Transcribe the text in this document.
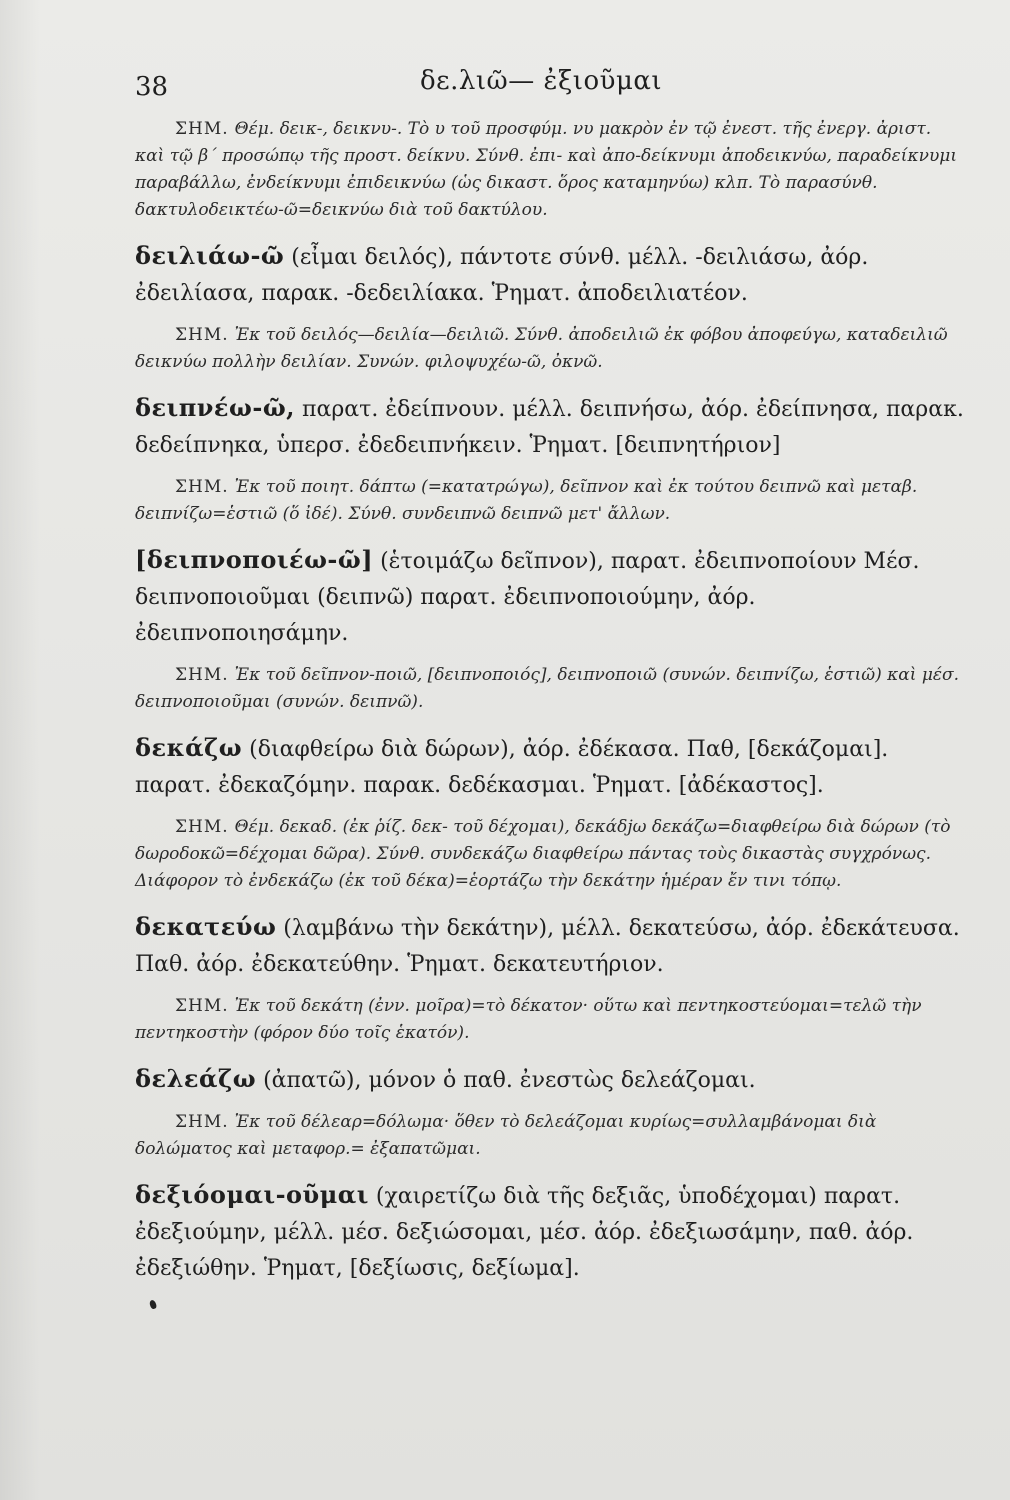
38	δε.λιῶ— ἐξιοῦμαι

ΣΗΜ. Θέμ. δεικ-, δεικνυ-. Τὸ υ τοῦ προσφύμ. νυ μακρὸν ἐν τῷ ἐνεστ. τῆς ἐνεργ. ἀριστ. καὶ τῷ β΄ προσώπῳ τῆς προστ. δείκνυ. Σύνθ. ἐπι- καὶ ἀπο-δείκνυμι ἀποδεικνύω, παραδείκνυμι παραβάλλω, ἐνδείκνυμι ἐπιδεικνύω (ὡς δικαστ. ὅρος καταμηνύω) κλπ. Τὸ παρασύνθ. δακτυλοδεικτέω-ῶ=δεικνύω διὰ τοῦ δακτύλου.

δειλιάω-ῶ (εἶμαι δειλός), πάντοτε σύνθ. μέλλ. -δειλιάσω, ἀόρ. ἐδειλίασα, παρακ. -δεδειλίακα. Ῥηματ. ἀποδειλιατέον.

ΣΗΜ. Ἐκ τοῦ δειλός—δειλία—δειλιῶ. Σύνθ. ἀποδειλιῶ ἐκ φόβου ἀποφεύγω, καταδειλιῶ δεικνύω πολλὴν δειλίαν. Συνών. φιλοψυχέω-ῶ, ὀκνῶ.

δειπνέω-ῶ, παρατ. ἐδείπνουν. μέλλ. δειπνήσω, ἀόρ. ἐδείπνησα, παρακ. δεδείπνηκα, ὑπερσ. ἐδεδειπνήκειν. Ῥηματ. [δειπνητήριον]

ΣΗΜ. Ἐκ τοῦ ποιητ. δάπτω (=κατατρώγω), δεῖπνον καὶ ἐκ τούτου δειπνῶ καὶ μεταβ. δειπνίζω=ἑστιῶ (ὅ ἰδέ). Σύνθ. συνδειπνῶ δειπνῶ μετ' ἄλλων.

[δειπνοποιέω-ῶ] (ἑτοιμάζω δεῖπνον), παρατ. ἐδειπνοποίουν Μέσ. δειπνοποιοῦμαι (δειπνῶ) παρατ. ἐδειπνοποιούμην, ἀόρ. ἐδειπνοποιησάμην.

ΣΗΜ. Ἐκ τοῦ δεῖπνον-ποιῶ, [δειπνοποιός], δειπνοποιῶ (συνών. δειπνίζω, ἑστιῶ) καὶ μέσ. δειπνοποιοῦμαι (συνών. δειπνῶ).

δεκάζω (διαφθείρω διὰ δώρων), ἀόρ. ἐδέκασα. Παθ, [δεκάζομαι]. παρατ. ἐδεκαζόμην. παρακ. δεδέκασμαι. Ῥηματ. [ἀδέκαστος].

ΣΗΜ. Θέμ. δεκαδ. (ἐκ ῥίζ. δεκ- τοῦ δέχομαι), δεκάδjω δεκάζω=διαφθείρω διὰ δώρων (τὸ δωροδοκῶ=δέχομαι δῶρα). Σύνθ. συνδεκάζω διαφθείρω πάντας τοὺς δικαστὰς συγχρόνως. Διάφορον τὸ ἐνδεκάζω (ἐκ τοῦ δέκα)=ἑορτάζω τὴν δεκάτην ἡμέραν ἔν τινι τόπῳ.

δεκατεύω (λαμβάνω τὴν δεκάτην), μέλλ. δεκατεύσω, ἀόρ. ἐδεκάτευσα. Παθ. ἀόρ. ἐδεκατεύθην. Ῥηματ. δεκατευτήριον.

ΣΗΜ. Ἐκ τοῦ δεκάτη (ἐνν. μοῖρα)=τὸ δέκατον· οὕτω καὶ πεντηκοστεύομαι=τελῶ τὴν πεντηκοστὴν (φόρον δύο τοῖς ἑκατόν).

δελεάζω (ἀπατῶ), μόνον ὁ παθ. ἐνεστὼς δελεάζομαι.

ΣΗΜ. Ἐκ τοῦ δέλεαρ=δόλωμα· ὅθεν τὸ δελεάζομαι κυρίως=συλλαμβάνομαι διὰ δολώματος καὶ μεταφορ.= ἐξαπατῶμαι.

δεξιόομαι-οῦμαι (χαιρετίζω διὰ τῆς δεξιᾶς, ὑποδέχομαι) παρατ. ἐδεξιούμην, μέλλ. μέσ. δεξιώσομαι, μέσ. ἀόρ. ἐδεξιωσάμην, παθ. ἀόρ. ἐδεξιώθην. Ῥηματ, [δεξίωσις, δεξίωμα].
